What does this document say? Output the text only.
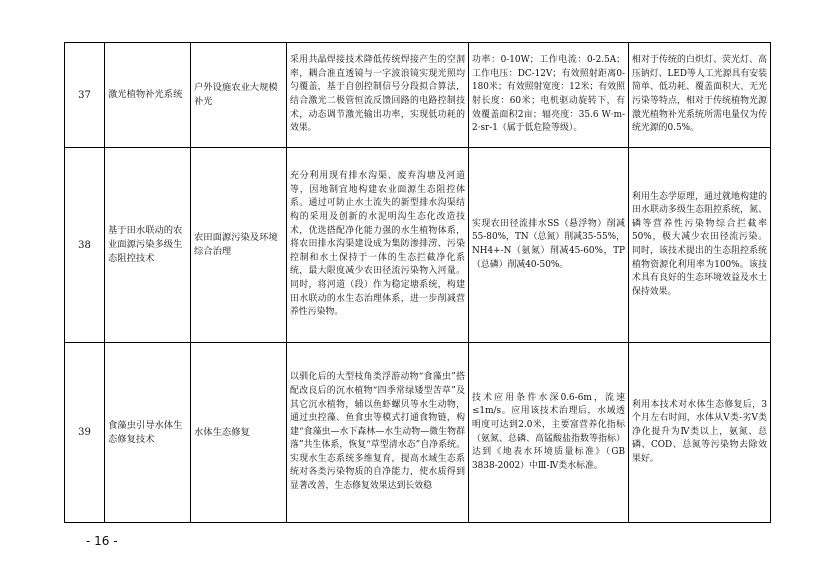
37	激光植物补光系统	户外设施农业大规模补光	采用共晶焊接技术降低传统焊接产生的空洞率，耦合准直透镜与一字波浪镜实现光照均匀覆盖，基于自创控制信号分段拟合算法，结合激光二极管恒流反馈回路的电路控制技术，动态调节激光输出功率，实现低功耗的效果。	功率：0-10W；工作电流：0-2.5A；工作电压：DC-12V；有效照射距离0-180米；有效照射宽度：12米；有效照射长度：60米；电机驱动旋转下，有效覆盖面积2亩；辐亮度：35.6 W·m-2·sr-1（属于低危险等级）。	相对于传统的白炽灯、荧光灯、高压钠灯、LED等人工光源具有安装简单、低功耗、覆盖面积大、无光污染等特点，相对于传统植物光源激光植物补光系统所需电量仅为传统光源的0.5%。
38	基于田水联动的农业面源污染多级生态阻控技术	农田面源污染及环境综合治理	充分利用现有排水沟渠、废弃沟塘及河道等，因地制宜地构建农业面源生态阻控体系。通过可防止水土流失的新型排水沟渠结构的采用及创新的水泥明沟生态化改造技术，优选搭配净化能力强的水生植物体系，将农田排水沟渠建设成为集防渗排涝、污染控制和水土保持于一体的生态拦截净化系统，最大限度减少农田径流污染物入河量。同时，将河道（段）作为稳定塘系统，构建田水联动的水生态治理体系，进一步削减营养性污染物。	实现农田径流排水SS（悬浮物）削减55-80%，TN（总氮）削减35-55%，NH4+-N（氨氮）削减45-60%，TP（总磷）削减40-50%。	利用生态学原理，通过就地构建的田水联动多级生态阻控系统，氮、磷等营养性污染物综合拦截率50%，极大减少农田径流污染。同时，该技术提出的生态阻控系统植物资源化利用率为100%。该技术具有良好的生态环境效益及水土保持效果。
39	食藻虫引导水体生态修复技术	水体生态修复	以驯化后的大型枝角类浮游动物“食藻虫”搭配改良后的沉水植物“四季常绿矮型苦草”及其它沉水植物，辅以鱼虾螺贝等水生动物，通过虫控藻、鱼食虫等模式打通食物链，构建“食藻虫—水下森林—水生动物—微生物群落”共生体系，恢复“草型清水态”自净系统。实现水生态系统多维复育，提高水域生态系统对各类污染物质的自净能力，使水质得到显著改善，生态修复效果达到长效稳	技术应用条件水深0.6-6m，流速≤1m/s。应用该技术治理后，水域透明度可达到2.0米，主要富营养化指标（氨氮、总磷、高锰酸盐指数等指标）达到《地表水环境质量标准》（GB 3838-2002）中Ⅲ-Ⅳ类水标准。	利用本技术对水体生态修复后，3个月左右时间，水体从Ⅴ类-劣Ⅴ类净化提升为Ⅳ类以上，氨氮、总磷、COD、总氮等污染物去除效果好。
- 16 -
